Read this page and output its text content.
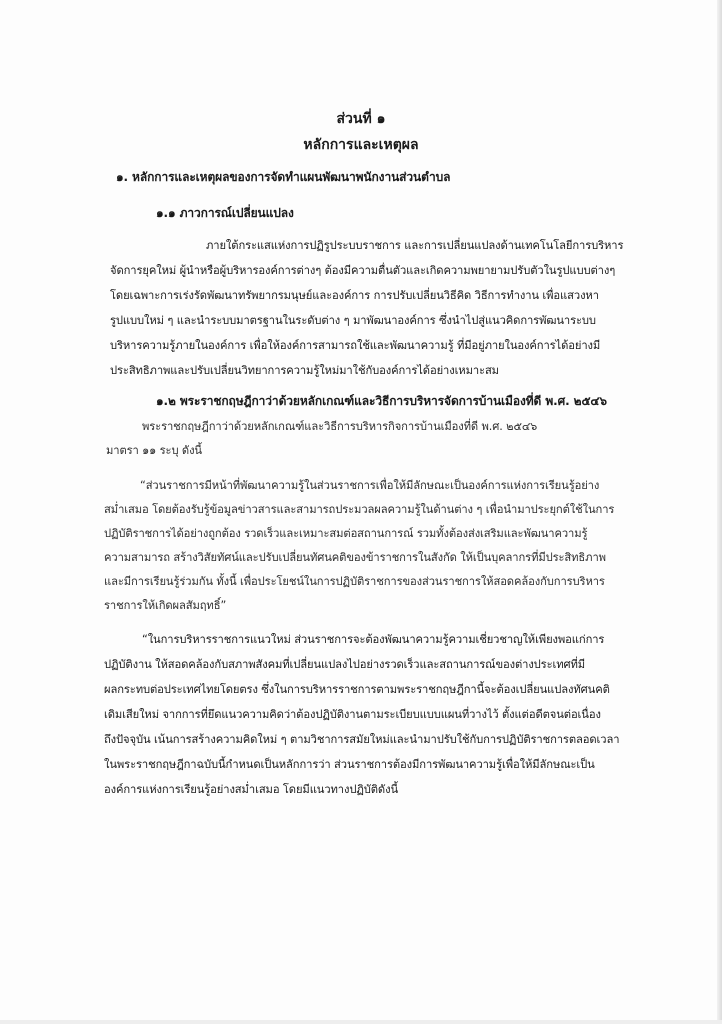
ส่วนที่ ๑
หลักการและเหตุผล
๑. หลักการและเหตุผลของการจัดทำแผนพัฒนาพนักงานส่วนตำบล
๑.๑ ภาวการณ์เปลี่ยนแปลง
ภายใต้กระแสแห่งการปฏิรูประบบราชการ และการเปลี่ยนแปลงด้านเทคโนโลยีการบริหาร
จัดการยุคใหม่ ผู้นำหรือผู้บริหารองค์การต่างๆ ต้องมีความตื่นตัวและเกิดความพยายามปรับตัวในรูปแบบต่างๆ
โดยเฉพาะการเร่งรัดพัฒนาทรัพยากรมนุษย์และองค์การ การปรับเปลี่ยนวิธีคิด วิธีการทำงาน เพื่อแสวงหา
รูปแบบใหม่ ๆ และนำระบบมาตรฐานในระดับต่าง ๆ มาพัฒนาองค์การ ซึ่งนำไปสู่แนวคิดการพัฒนาระบบ
บริหารความรู้ภายในองค์การ เพื่อให้องค์การสามารถใช้และพัฒนาความรู้ ที่มีอยู่ภายในองค์การได้อย่างมี
ประสิทธิภาพและปรับเปลี่ยนวิทยาการความรู้ใหม่มาใช้กับองค์การได้อย่างเหมาะสม
๑.๒ พระราชกฤษฎีกาว่าด้วยหลักเกณฑ์และวิธีการบริหารจัดการบ้านเมืองที่ดี พ.ศ. ๒๕๔๖
พระราชกฤษฎีกาว่าด้วยหลักเกณฑ์และวิธีการบริหารกิจการบ้านเมืองที่ดี พ.ศ. ๒๕๔๖
มาตรา ๑๑ ระบุ ดังนี้
“ส่วนราชการมีหน้าที่พัฒนาความรู้ในส่วนราชการเพื่อให้มีลักษณะเป็นองค์การแห่งการเรียนรู้อย่าง
สม่ำเสมอ โดยต้องรับรู้ข้อมูลข่าวสารและสามารถประมวลผลความรู้ในด้านต่าง ๆ เพื่อนำมาประยุกต์ใช้ในการ
ปฏิบัติราชการได้อย่างถูกต้อง รวดเร็วและเหมาะสมต่อสถานการณ์ รวมทั้งต้องส่งเสริมและพัฒนาความรู้
ความสามารถ สร้างวิสัยทัศน์และปรับเปลี่ยนทัศนคติของข้าราชการในสังกัด ให้เป็นบุคลากรที่มีประสิทธิภาพ
และมีการเรียนรู้ร่วมกัน ทั้งนี้ เพื่อประโยชน์ในการปฏิบัติราชการของส่วนราชการให้สอดคล้องกับการบริหาร
ราชการให้เกิดผลสัมฤทธิ์”
“ในการบริหารราชการแนวใหม่ ส่วนราชการจะต้องพัฒนาความรู้ความเชี่ยวชาญให้เพียงพอแก่การ
ปฏิบัติงาน ให้สอดคล้องกับสภาพสังคมที่เปลี่ยนแปลงไปอย่างรวดเร็วและสถานการณ์ของต่างประเทศที่มี
ผลกระทบต่อประเทศไทยโดยตรง ซึ่งในการบริหารราชการตามพระราชกฤษฎีกานี้จะต้องเปลี่ยนแปลงทัศนคติ
เดิมเสียใหม่ จากการที่ยึดแนวความคิดว่าต้องปฏิบัติงานตามระเบียบแบบแผนที่วางไว้ ตั้งแต่อดีตจนต่อเนื่อง
ถึงปัจจุบัน เน้นการสร้างความคิดใหม่ ๆ ตามวิชาการสมัยใหม่และนำมาปรับใช้กับการปฏิบัติราชการตลอดเวลา
ในพระราชกฤษฎีกาฉบับนี้กำหนดเป็นหลักการว่า ส่วนราชการต้องมีการพัฒนาความรู้เพื่อให้มีลักษณะเป็น
องค์การแห่งการเรียนรู้อย่างสม่ำเสมอ โดยมีแนวทางปฏิบัติดังนี้
